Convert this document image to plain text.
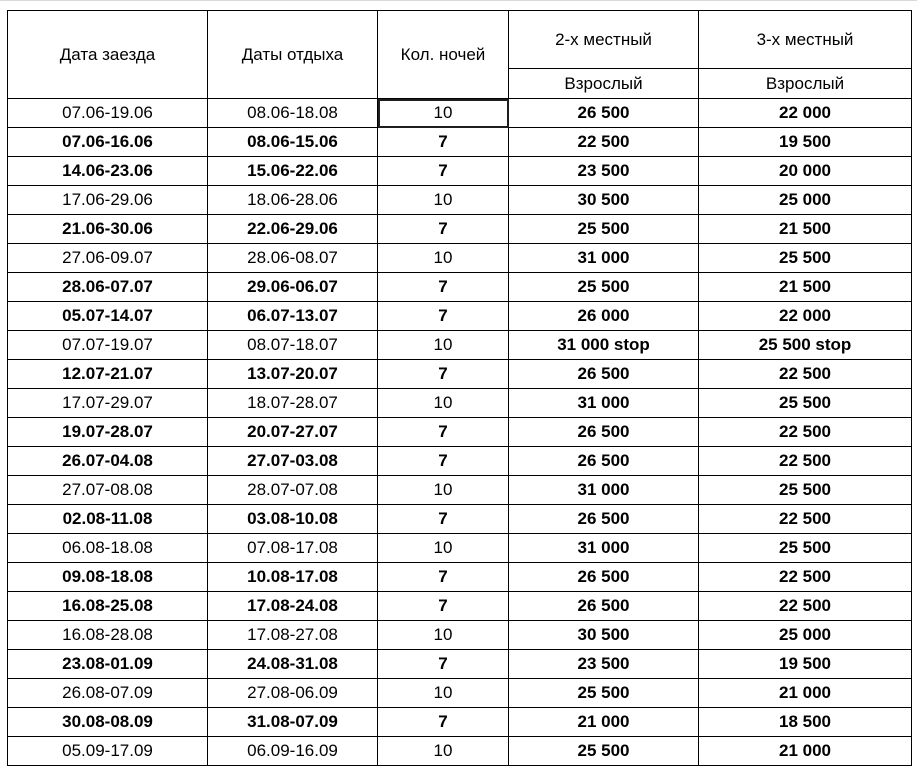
Дата заезда	Даты отдыха	Кол. ночей	2-х местный	3-х местный
			Взрослый	Взрослый
07.06-19.06	08.06-18.08	10	26 500	22 000
07.06-16.06	08.06-15.06	7	22 500	19 500
14.06-23.06	15.06-22.06	7	23 500	20 000
17.06-29.06	18.06-28.06	10	30 500	25 000
21.06-30.06	22.06-29.06	7	25 500	21 500
27.06-09.07	28.06-08.07	10	31 000	25 500
28.06-07.07	29.06-06.07	7	25 500	21 500
05.07-14.07	06.07-13.07	7	26 000	22 000
07.07-19.07	08.07-18.07	10	31 000 stop	25 500 stop
12.07-21.07	13.07-20.07	7	26 500	22 500
17.07-29.07	18.07-28.07	10	31 000	25 500
19.07-28.07	20.07-27.07	7	26 500	22 500
26.07-04.08	27.07-03.08	7	26 500	22 500
27.07-08.08	28.07-07.08	10	31 000	25 500
02.08-11.08	03.08-10.08	7	26 500	22 500
06.08-18.08	07.08-17.08	10	31 000	25 500
09.08-18.08	10.08-17.08	7	26 500	22 500
16.08-25.08	17.08-24.08	7	26 500	22 500
16.08-28.08	17.08-27.08	10	30 500	25 000
23.08-01.09	24.08-31.08	7	23 500	19 500
26.08-07.09	27.08-06.09	10	25 500	21 000
30.08-08.09	31.08-07.09	7	21 000	18 500
05.09-17.09	06.09-16.09	10	25 500	21 000
